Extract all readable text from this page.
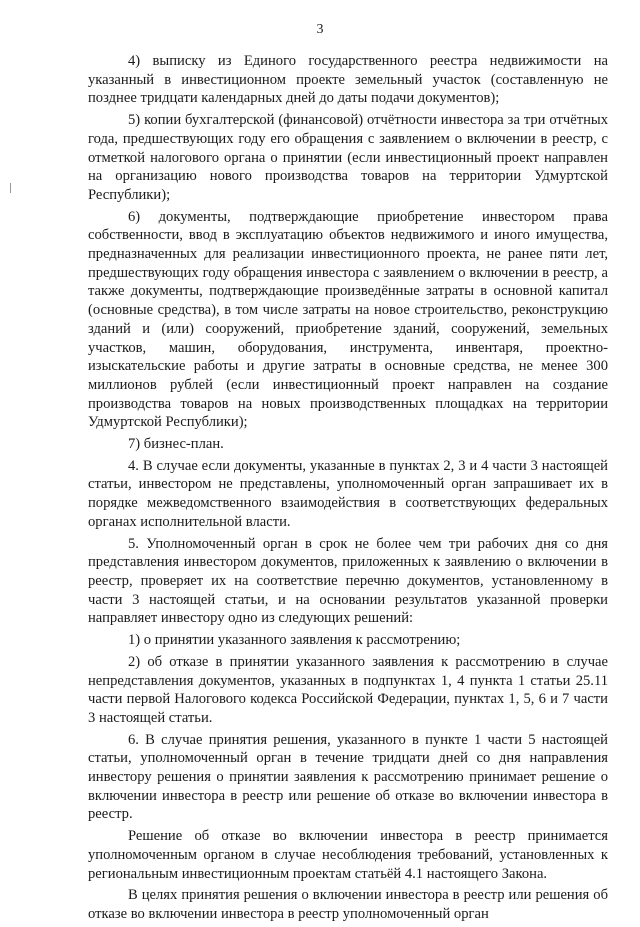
3

4) выписку из Единого государственного реестра недвижимости на указанный в инвестиционном проекте земельный участок (составленную не позднее тридцати календарных дней до даты подачи документов);

5) копии бухгалтерской (финансовой) отчётности инвестора за три отчётных года, предшествующих году его обращения с заявлением о включении в реестр, с отметкой налогового органа о принятии (если инвестиционный проект направлен на организацию нового производства товаров на территории Удмуртской Республики);

6) документы, подтверждающие приобретение инвестором права собственности, ввод в эксплуатацию объектов недвижимого и иного имущества, предназначенных для реализации инвестиционного проекта, не ранее пяти лет, предшествующих году обращения инвестора с заявлением о включении в реестр, а также документы, подтверждающие произведённые затраты в основной капитал (основные средства), в том числе затраты на новое строительство, реконструкцию зданий и (или) сооружений, приобретение зданий, сооружений, земельных участков, машин, оборудования, инструмента, инвентаря, проектно-изыскательские работы и другие затраты в основные средства, не менее 300 миллионов рублей (если инвестиционный проект направлен на создание производства товаров на новых производственных площадках на территории Удмуртской Республики);

7) бизнес-план.

4. В случае если документы, указанные в пунктах 2, 3 и 4 части 3 настоящей статьи, инвестором не представлены, уполномоченный орган запрашивает их в порядке межведомственного взаимодействия в соответствующих федеральных органах исполнительной власти.

5. Уполномоченный орган в срок не более чем три рабочих дня со дня представления инвестором документов, приложенных к заявлению о включении в реестр, проверяет их на соответствие перечню документов, установленному в части 3 настоящей статьи, и на основании результатов указанной проверки направляет инвестору одно из следующих решений:

1) о принятии указанного заявления к рассмотрению;

2) об отказе в принятии указанного заявления к рассмотрению в случае непредставления документов, указанных в подпунктах 1, 4 пункта 1 статьи 25.11 части первой Налогового кодекса Российской Федерации, пунктах 1, 5, 6 и 7 части 3 настоящей статьи.

6. В случае принятия решения, указанного в пункте 1 части 5 настоящей статьи, уполномоченный орган в течение тридцати дней со дня направления инвестору решения о принятии заявления к рассмотрению принимает решение о включении инвестора в реестр или решение об отказе во включении инвестора в реестр.

Решение об отказе во включении инвестора в реестр принимается уполномоченным органом в случае несоблюдения требований, установленных к региональным инвестиционным проектам статьёй 4.1 настоящего Закона.

В целях принятия решения о включении инвестора в реестр или решения об отказе во включении инвестора в реестр уполномоченный орган
